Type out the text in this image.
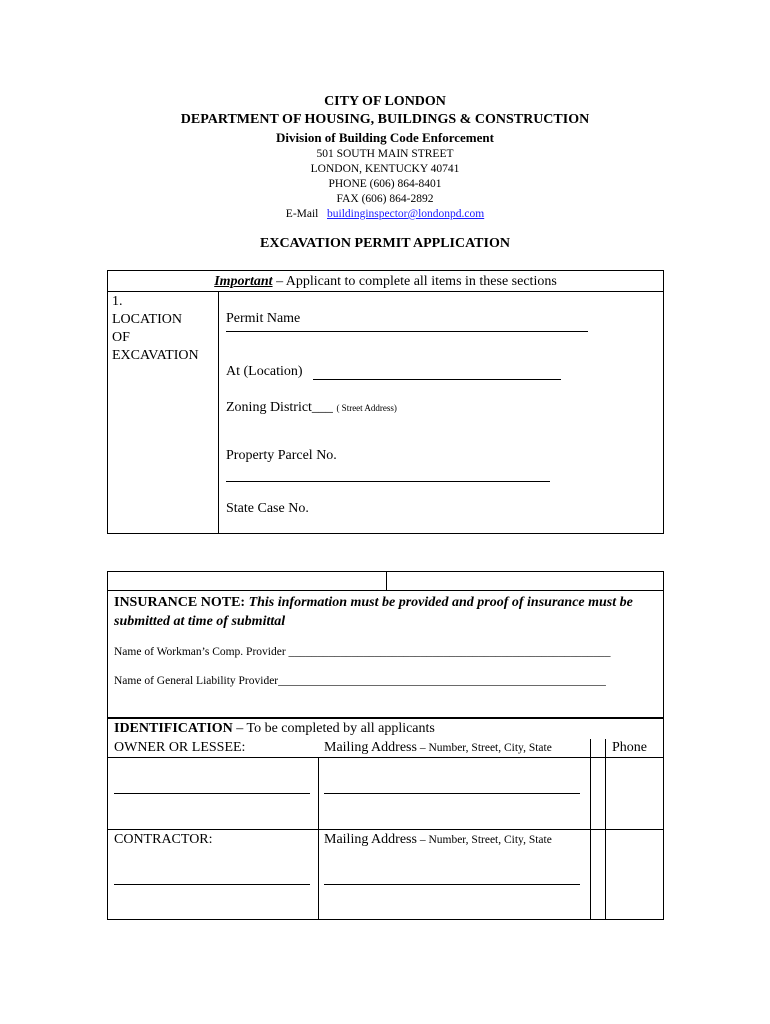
CITY OF LONDON
DEPARTMENT OF HOUSING, BUILDINGS & CONSTRUCTION
Division of Building Code Enforcement
501 SOUTH MAIN STREET
LONDON, KENTUCKY 40741
PHONE (606) 864-8401
FAX (606) 864-2892
E-Mail buildinginspector@londonpd.com
EXCAVATION PERMIT APPLICATION
Important – Applicant to complete all items in these sections
1.
LOCATION
OF
EXCAVATION
Permit Name
At (Location)
Zoning District___ ( Street Address)
Property Parcel No.
State Case No.
INSURANCE NOTE: This information must be provided and proof of insurance must be submitted at time of submittal
Name of Workman’s Comp. Provider ________________________________________________________
Name of General Liability Provider_________________________________________________________
IDENTIFICATION – To be completed by all applicants
OWNER OR LESSEE:	Mailing Address – Number, Street, City, State	Phone
CONTRACTOR:	Mailing Address – Number, Street, City, State
